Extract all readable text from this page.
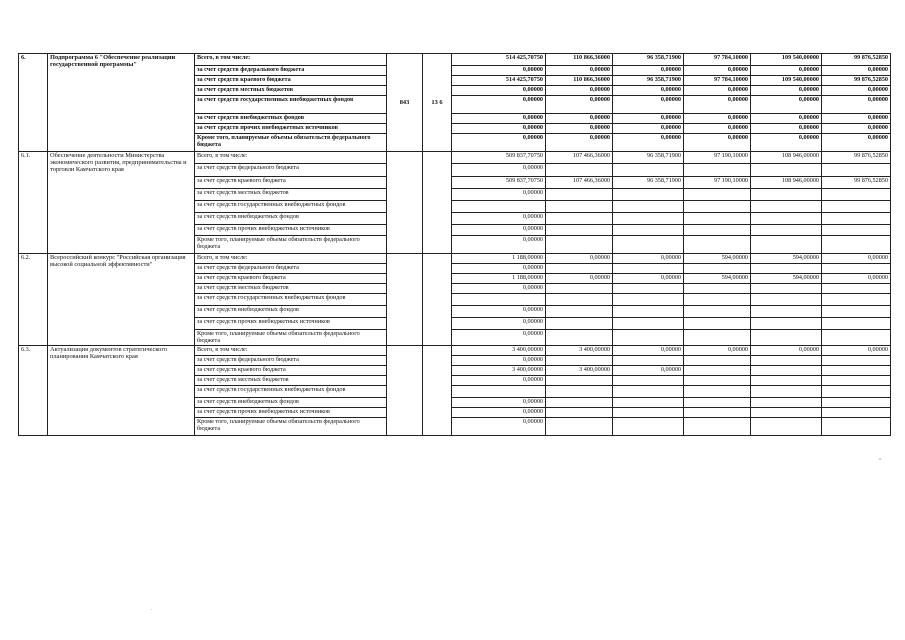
6.	Подпрограмма 6 "Обеспечение реализации государственной программы"	Всего, в том числе:	843	13 6	514 425,70750	110 866,36000	96 358,71900	97 784,10000	109 540,00000	99 876,52850
		за счет средств федерального бюджета			0,00000	0,00000	0,00000	0,00000	0,00000	0,00000
		за счет средств краевого бюджета			514 425,70750	110 866,36000	96 358,71900	97 784,10000	109 540,00000	99 876,52850
		за счет средств местных бюджетов			0,00000	0,00000	0,00000	0,00000	0,00000	0,00000
		за счет средств государственных внебюджетных фондов			0,00000	0,00000	0,00000	0,00000	0,00000	0,00000
		за счет средств внебюджетных фондов			0,00000	0,00000	0,00000	0,00000	0,00000	0,00000
		за счет средств прочих внебюджетных источников			0,00000	0,00000	0,00000	0,00000	0,00000	0,00000
		Кроме того, планируемые объемы обязательств федерального бюджета			0,00000	0,00000	0,00000	0,00000	0,00000	0,00000
6.1.	Обеспечение деятельности Министерства экономического развития, предпринимательства и торговли Камчатского края	Всего, в том числе:			509 837,70750	107 466,36000	96 358,71900	97 190,10000	108 946,00000	99 876,52850
		за счет средств федерального бюджета			0,00000					
		за счет средств краевого бюджета			509 837,70750	107 466,36000	96 358,71900	97 190,10000	108 946,00000	99 876,52850
		за счет средств местных бюджетов			0,00000					
		за счет средств государственных внебюджетных фондов								
		за счет средств внебюджетных фондов			0,00000					
		за счет средств прочих внебюджетных источников			0,00000					
		Кроме того, планируемые объемы обязательств федерального бюджета			0,00000					
6.2.	Всероссийский конкурс "Российская организация высокой социальной эффективности"	Всего, в том числе:			1 188,00000	0,00000	0,00000	594,00000	594,00000	0,00000
		за счет средств федерального бюджета			0,00000					
		за счет средств краевого бюджета			1 188,00000	0,00000	0,00000	594,00000	594,00000	0,00000
		за счет средств местных бюджетов			0,00000					
		за счет средств государственных внебюджетных фондов								
		за счет средств внебюджетных фондов			0,00000					
		за счет средств прочих внебюджетных источников			0,00000					
		Кроме того, планируемые объемы обязательств федерального бюджета			0,00000					
6.3.	Актуализация документов стратегического планирования Камчатского края	Всего, в том числе:			3 400,00000	3 400,00000	0,00000	0,00000	0,00000	0,00000
		за счет средств федерального бюджета			0,00000					
		за счет средств краевого бюджета			3 400,00000	3 400,00000	0,00000			
		за счет средств местных бюджетов			0,00000					
		за счет средств государственных внебюджетных фондов								
		за счет средств внебюджетных фондов			0,00000					
		за счет средств прочих внебюджетных источников			0,00000					
		Кроме того, планируемые объемы обязательств федерального бюджета			0,00000					
°
`
